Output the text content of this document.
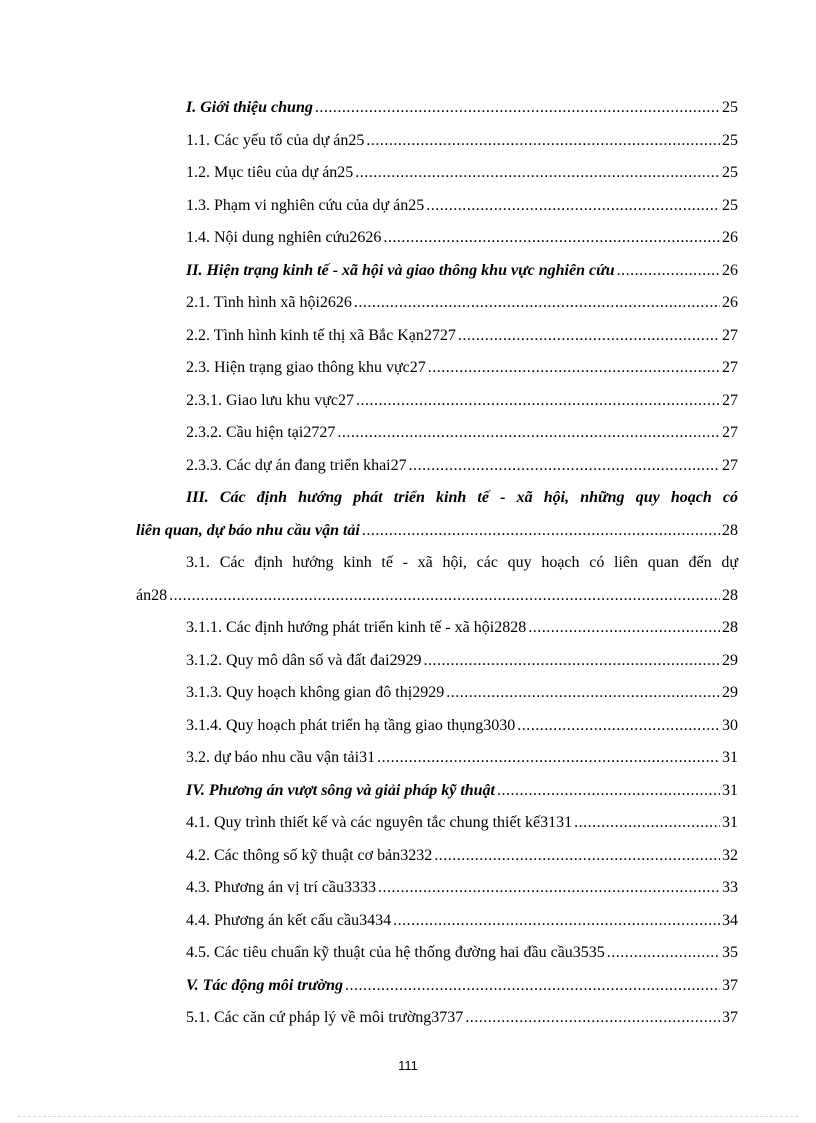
I. Giới thiệu chung .....	25
1.1. Các yếu tố của dự án25 .....	25
1.2. Mục tiêu của dự án25 .....	25
1.3. Phạm vi nghiên cứu của dự án25 .....	25
1.4. Nội dung nghiên cứu2626 .....	26
II. Hiện trạng kinh tế - xã hội và giao thông khu vực nghiên cứu .....	26
2.1. Tình hình xã hội2626 .....	26
2.2. Tình hình kinh tế thị xã Bắc Kạn2727 .....	27
2.3. Hiện trạng giao thông khu vực27 .....	27
2.3.1. Giao lưu khu vực27 .....	27
2.3.2. Cầu hiện tại2727 .....	27
2.3.3. Các dự án đang triển khai27 .....	27
III. Các định hướng phát triển kinh tế - xã hội, những quy hoạch có
liên quan, dự báo nhu cầu vận tải .....	28
3.1. Các định hướng kinh tế - xã hội, các quy hoạch có liên quan đến dự
án28 .....	28
3.1.1. Các định hướng phát triển kinh tế - xã hội2828 .....	28
3.1.2. Quy mô dân số và đất đai2929 .....	29
3.1.3. Quy hoạch không gian đô thị2929 .....	29
3.1.4. Quy hoạch phát triển hạ tầng giao thụng3030 .....	30
3.2. dự báo nhu cầu vận tải31 .....	31
IV. Phương án vượt sông và giải pháp kỹ thuật .....	31
4.1. Quy trình thiết kế và các nguyên tắc chung thiết kế3131 .....	31
4.2. Các thông số kỹ thuật cơ bản3232 .....	32
4.3. Phương án vị trí cầu3333 .....	33
4.4. Phương án kết cấu cầu3434 .....	34
4.5. Các tiêu chuẩn kỹ thuật của hệ thống đường hai đầu cầu3535 .....	35
V. Tác động môi trường .....	37
5.1. Các căn cứ pháp lý về môi trường3737 .....	37
111
